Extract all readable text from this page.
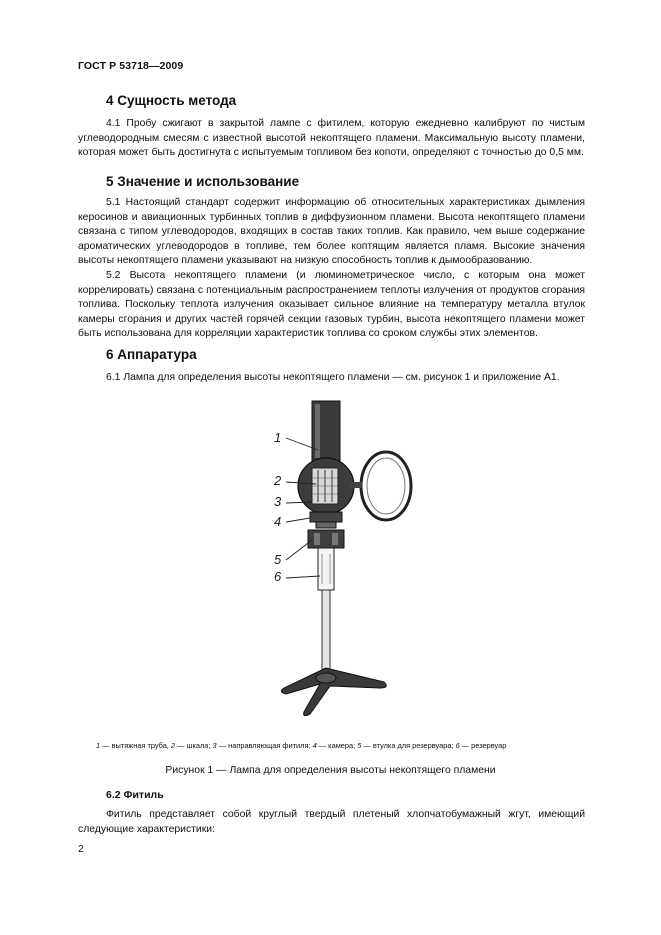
ГОСТ Р 53718—2009
4 Сущность метода

4.1 Пробу сжигают в закрытой лампе с фитилем, которую ежедневно калибруют по чистым углеводородным смесям с известной высотой некоптящего пламени. Максимальную высоту пламени, которая может быть достигнута с испытуемым топливом без копоти, определяют с точностью до 0,5 мм.

5 Значение и использование

5.1 Настоящий стандарт содержит информацию об относительных характеристиках дымления керосинов и авиационных турбинных топлив в диффузионном пламени. Высота некоптящего пламени связана с типом углеводородов, входящих в состав таких топлив. Как правило, чем выше содержание ароматических углеводородов в топливе, тем более коптящим является пламя. Высокие значения высоты некоптящего пламени указывают на низкую способность топлив к дымообразованию.

5.2 Высота некоптящего пламени (и люминометрическое число, с которым она может коррелировать) связана с потенциальным распространением теплоты излучения от продуктов сгорания топлива. Поскольку теплота излучения оказывает сильное влияние на температуру металла втулок камеры сгорания и других частей горячей секции газовых турбин, высота некоптящего пламени может быть использована для корреляции характеристик топлива со сроком службы этих элементов.

6 Аппаратура

6.1 Лампа для определения высоты некоптящего пламени — см. рисунок 1 и приложение А1.

1
2
3
4
5
6
1 — вытяжная труба, 2 — шкала; 3 — направляющая фитиля; 4 — камера; 5 — втулка для резервуара; 6 — резервуар
Рисунок 1 — Лампа для определения высоты некоптящего пламени
6.2 Фитиль

Фитиль представляет собой круглый твердый плетеный хлопчатобумажный жгут, имеющий следующие характеристики:

2
